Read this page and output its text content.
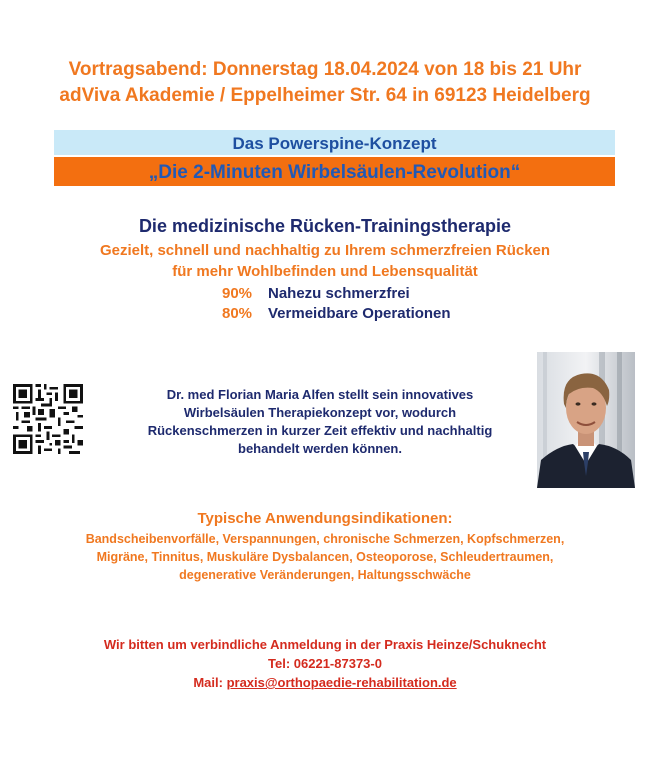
Vortragsabend: Donnerstag 18.04.2024 von 18 bis 21 Uhr
adViva Akademie / Eppelheimer Str. 64 in 69123 Heidelberg
Das Powerspine-Konzept
„Die 2-Minuten Wirbelsäulen-Revolution“
Die medizinische Rücken-Trainingstherapie
Gezielt, schnell und nachhaltig zu Ihrem schmerzfreien Rücken
für mehr Wohlbefinden und Lebensqualität
90% Nahezu schmerzfrei
80% Vermeidbare Operationen
Dr. med Florian Maria Alfen stellt sein innovatives
Wirbelsäulen Therapiekonzept vor, wodurch
Rückenschmerzen in kurzer Zeit effektiv und nachhaltig
behandelt werden können.
Typische Anwendungsindikationen:
Bandscheibenvorfälle, Verspannungen, chronische Schmerzen, Kopfschmerzen,
Migräne, Tinnitus, Muskuläre Dysbalancen, Osteoporose, Schleudertraumen,
degenerative Veränderungen, Haltungsschwäche
Wir bitten um verbindliche Anmeldung in der Praxis Heinze/Schuknecht
Tel: 06221-87373-0
Mail: praxis@orthopaedie-rehabilitation.de
